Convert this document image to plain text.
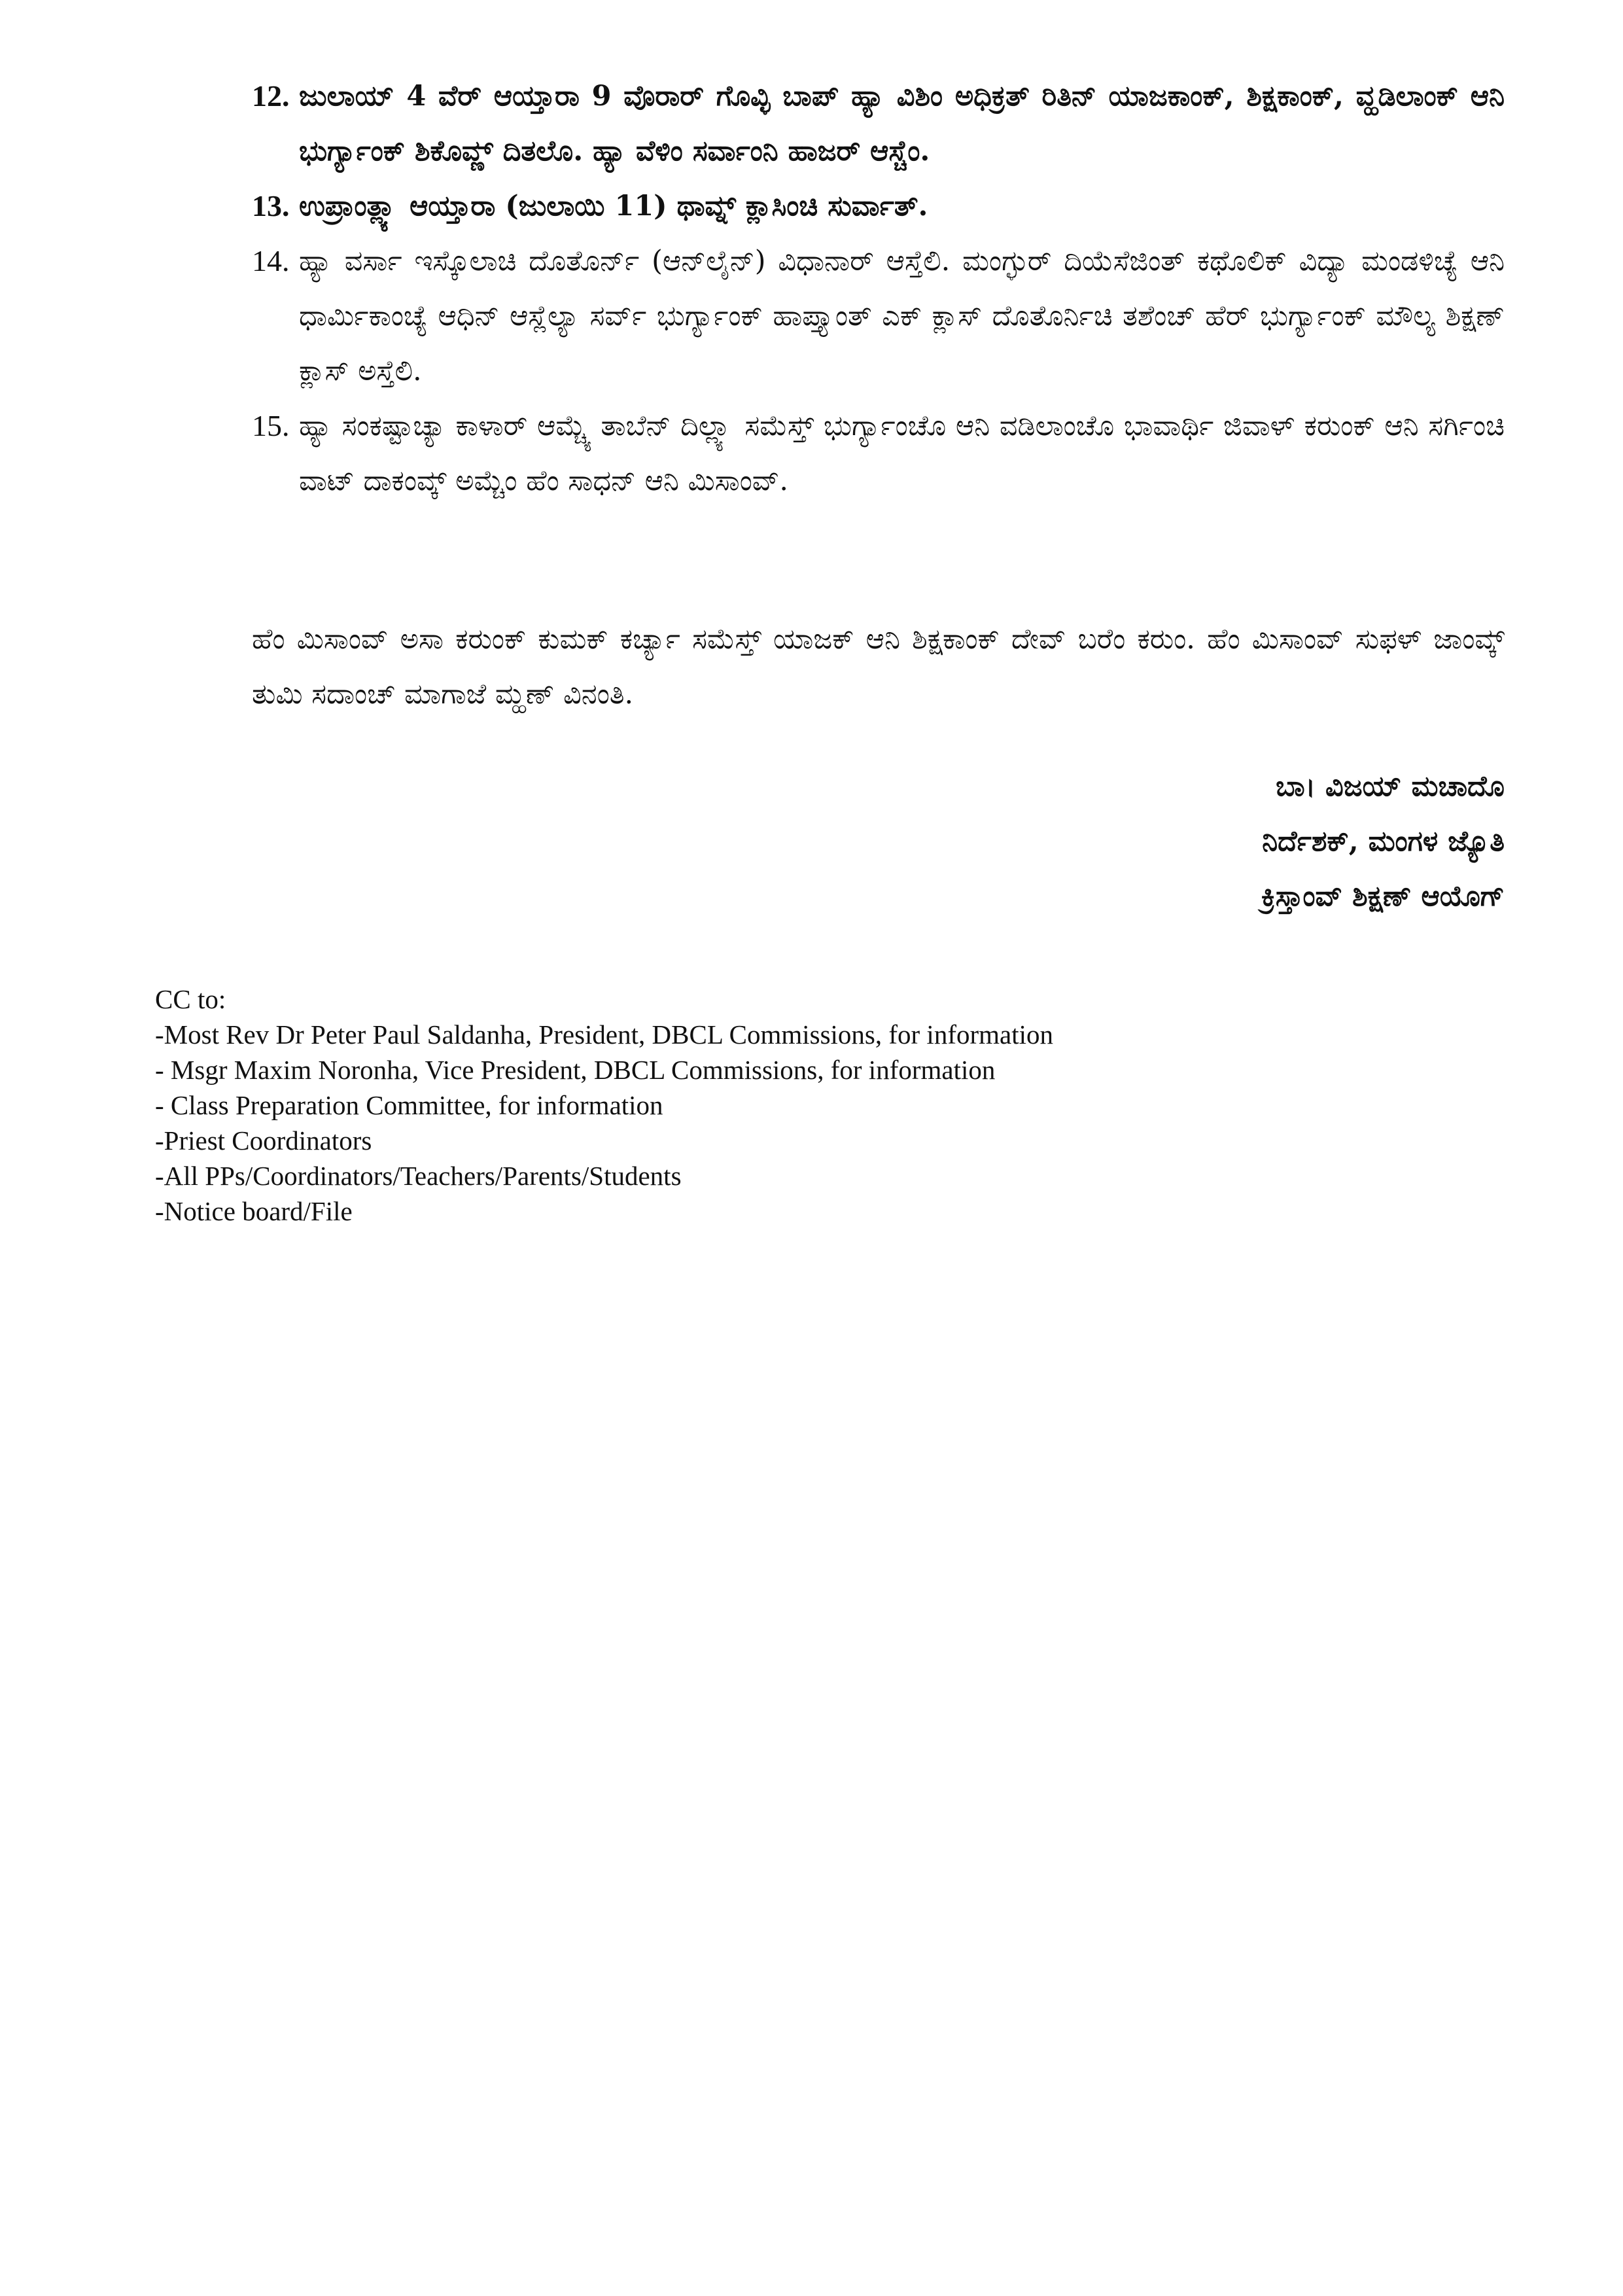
12. ಜುಲಾಯ್ 4 ವೆರ್ ಆಯ್ತಾರಾ 9 ವೊರಾರ್ ಗೊವ್ಳಿ ಬಾಪ್ ಹ್ಯಾ ವಿಶಿಂ ಅಧಿಕ್ರತ್ ರಿತಿನ್ ಯಾಜಕಾಂಕ್, ಶಿಕ್ಷಕಾಂಕ್, ವ್ಹಡಿಲಾಂಕ್ ಆನಿ ಭುರ್ಗ್ಯಾಂಕ್ ಶಿಕೊವ್ಣ್ ದಿತಲೊ. ಹ್ಯಾ ವೆಳಿಂ ಸರ್ವಾಂನಿ ಹಾಜರ್ ಆಸ್ಚೆಂ.

13. ಉಪ್ರಾಂತ್ಲ್ಯಾ ಆಯ್ತಾರಾ (ಜುಲಾಯಿ 11) ಥಾವ್ನ್ ಕ್ಲಾಸಿಂಚಿ ಸುರ್ವಾತ್.

14. ಹ್ಯಾ ವರ್ಸಾ ಇಸ್ಕೊಲಾಚಿ ದೊತೊರ್ನ್ (ಆನ್‌ಲೈನ್) ವಿಧಾನಾರ್ ಆಸ್ತೆಲಿ. ಮಂಗ್ಳುರ್ ದಿಯೆಸೆಜಿಂತ್ ಕಥೊಲಿಕ್ ವಿದ್ಯಾ ಮಂಡಳಿಚ್ಯೆ ಆನಿ ಧಾರ್ಮಿಕಾಂಚ್ಯೆ ಆಧಿನ್ ಆಸ್ಲೆಲ್ಯಾ ಸರ್ವ್ ಭುರ್ಗ್ಯಾಂಕ್ ಹಾಪ್ತ್ಯಾಂತ್ ಎಕ್ ಕ್ಲಾಸ್ ದೊತೊರ್ನಿಚಿ ತಶೆಂಚ್ ಹೆರ್ ಭುರ್ಗ್ಯಾಂಕ್ ಮೌಲ್ಯ ಶಿಕ್ಷಣ್ ಕ್ಲಾಸ್ ಅಸ್ತೆಲಿ.

15. ಹ್ಯಾ ಸಂಕಷ್ಟಾಚ್ಯಾ ಕಾಳಾರ್ ಆಮ್ಚ್ಯೆ ತಾಬೆನ್ ದಿಲ್ಲ್ಯಾ ಸಮೆಸ್ತ್ ಭುರ್ಗ್ಯಾಂಚೊ ಆನಿ ವಡಿಲಾಂಚೊ ಭಾವಾರ್ಥಿ ಜಿವಾಳ್ ಕರುಂಕ್ ಆನಿ ಸರ್ಗಿಂಚಿ ವಾಟ್ ದಾಕಂವ್ಕ್ ಅಮ್ಚೆಂ ಹೆಂ ಸಾಧನ್ ಆನಿ ಮಿಸಾಂವ್.

ಹೆಂ ಮಿಸಾಂವ್ ಅಸಾ ಕರುಂಕ್ ಕುಮಕ್ ಕರ್ಚ್ಯಾ ಸಮೆಸ್ತ್ ಯಾಜಕ್ ಆನಿ ಶಿಕ್ಷಕಾಂಕ್ ದೇವ್ ಬರೆಂ ಕರುಂ. ಹೆಂ ಮಿಸಾಂವ್ ಸುಫಳ್ ಜಾಂವ್ಕ್ ತುಮಿ ಸದಾಂಚ್ ಮಾಗಾಜೆ ಮ್ಹಣ್ ವಿನಂತಿ.

ಬಾ। ವಿಜಯ್ ಮಚಾದೊ
ನಿರ್ದೆಶಕ್, ಮಂಗಳ ಜ್ಯೊತಿ
ಕ್ರಿಸ್ತಾಂವ್ ಶಿಕ್ಷಣ್ ಆಯೊಗ್
CC to:
-Most Rev Dr Peter Paul Saldanha, President, DBCL Commissions, for information
- Msgr Maxim Noronha, Vice President, DBCL Commissions, for information
- Class Preparation Committee, for information
-Priest Coordinators
-All PPs/Coordinators/Teachers/Parents/Students
-Notice board/File
